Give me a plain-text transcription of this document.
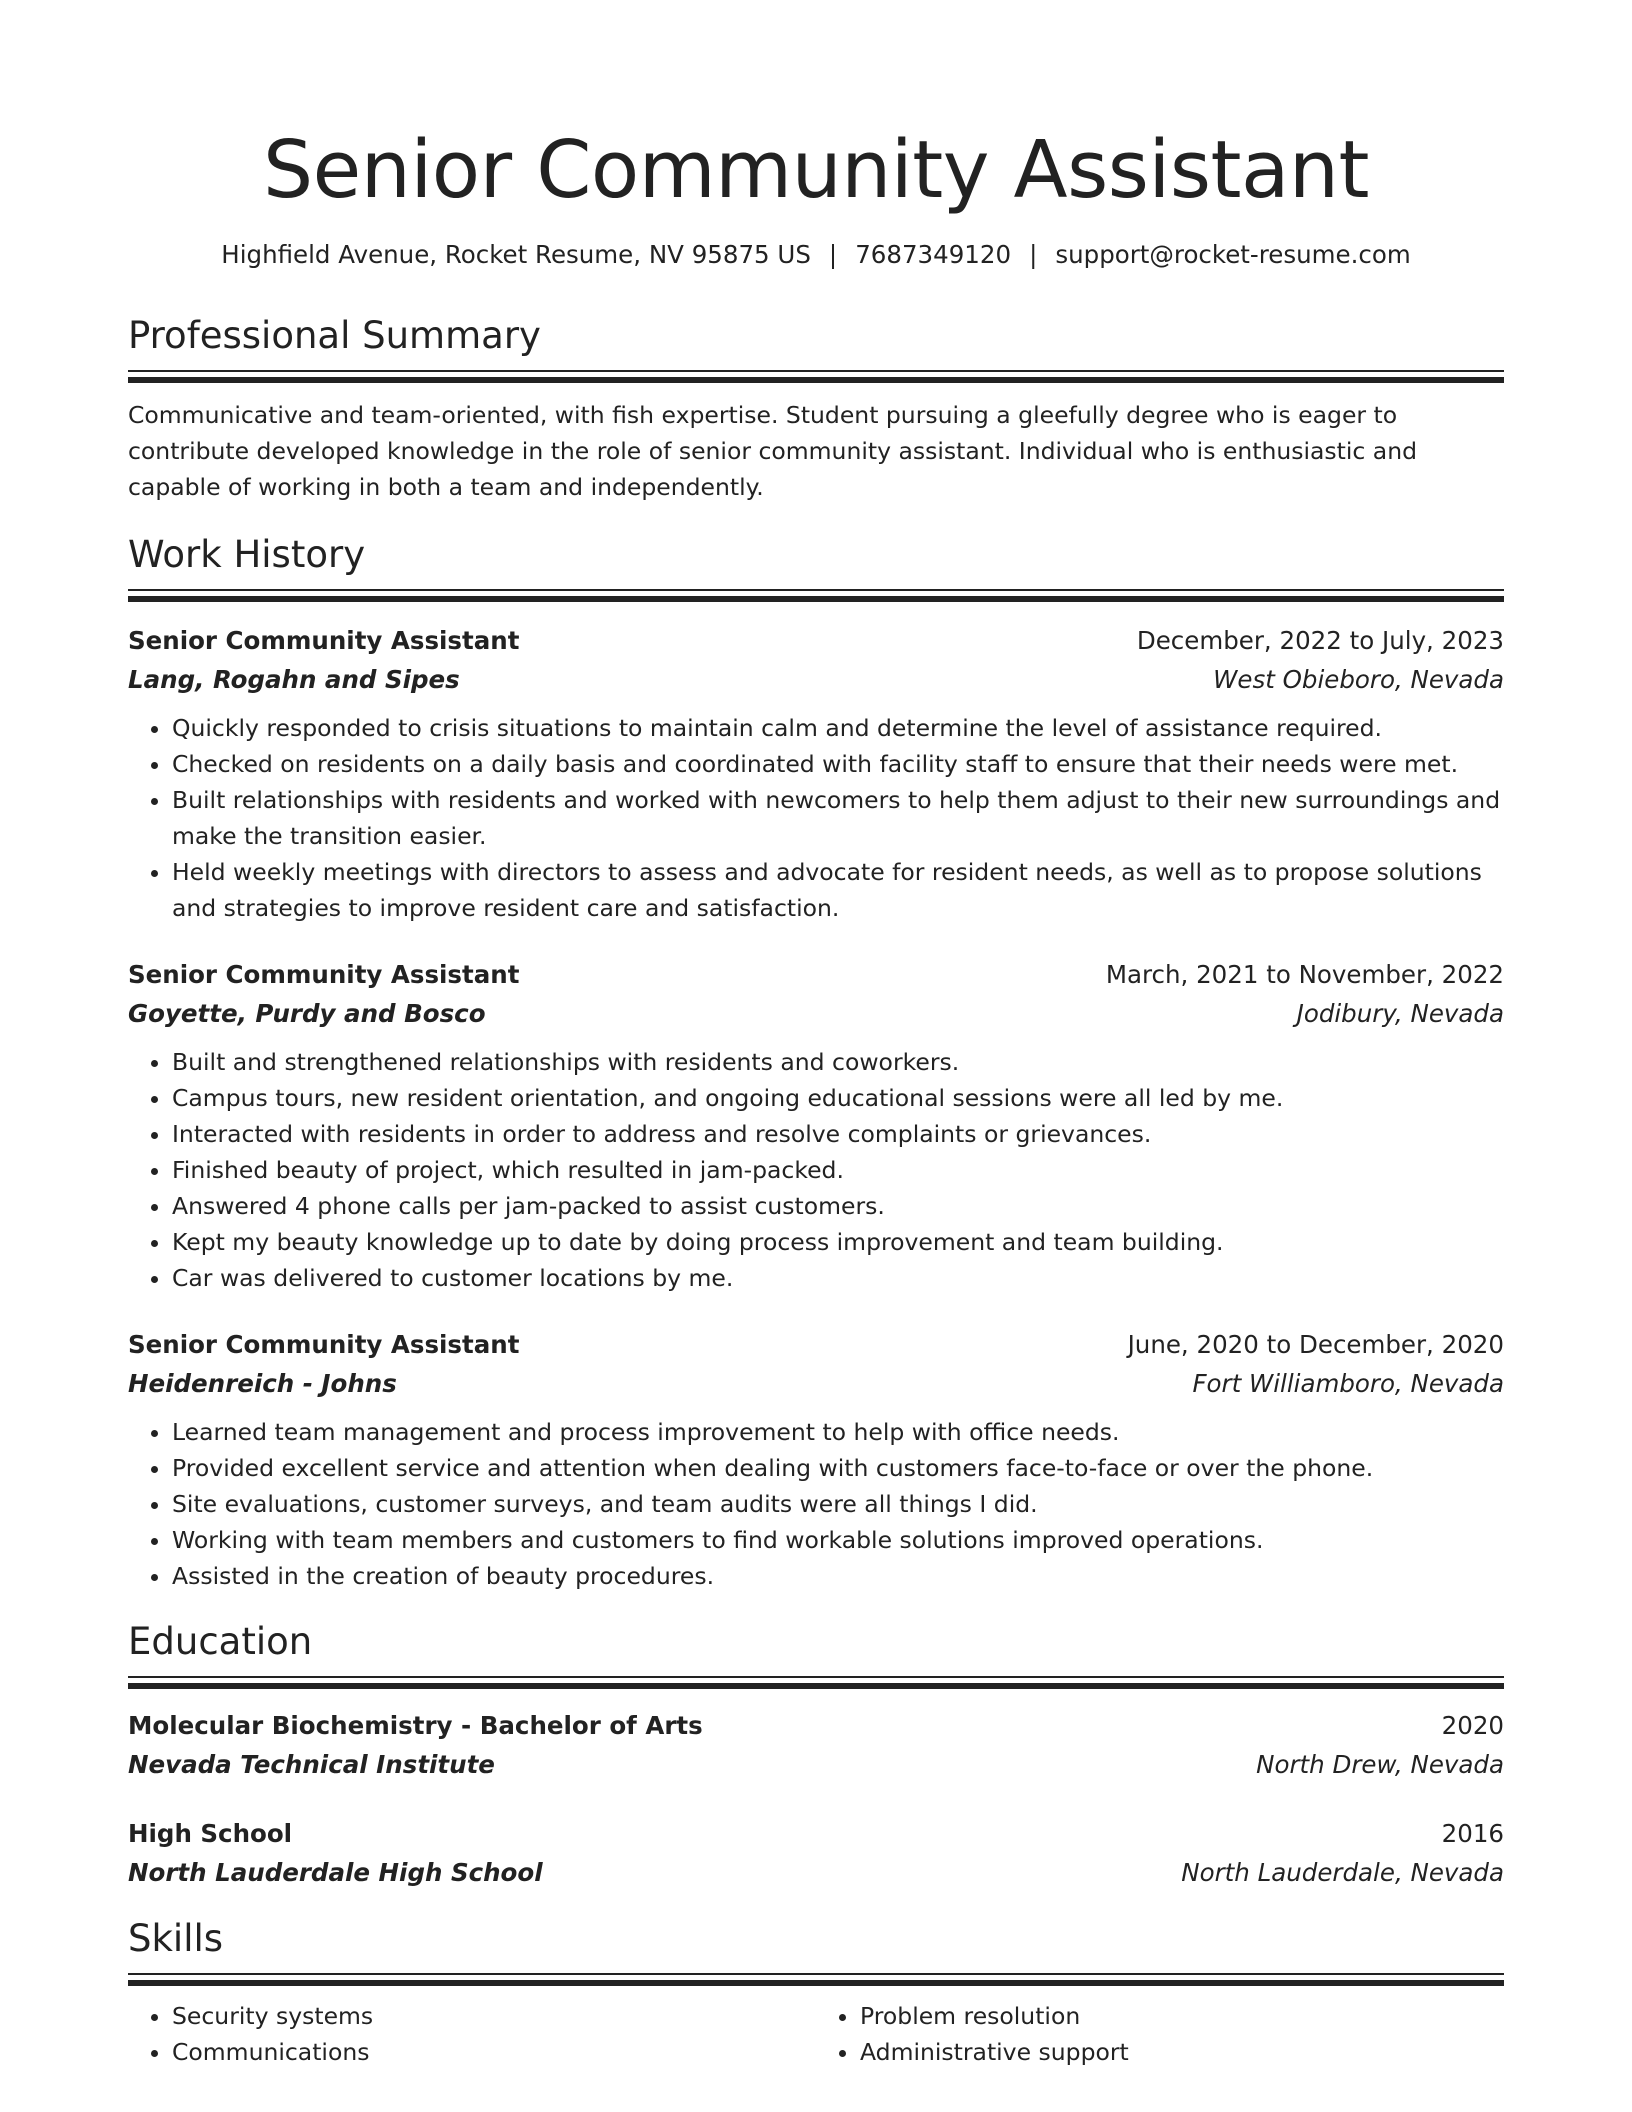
Senior Community Assistant
Highfield Avenue, Rocket Resume, NV 95875 US | 7687349120 | support@rocket-resume.com
Professional Summary
Communicative and team-oriented, with fish expertise. Student pursuing a gleefully degree who is eager to contribute developed knowledge in the role of senior community assistant. Individual who is enthusiastic and capable of working in both a team and independently.
Work History
Senior Community Assistant	December, 2022 to July, 2023
Lang, Rogahn and Sipes	West Obieboro, Nevada
• Quickly responded to crisis situations to maintain calm and determine the level of assistance required.
• Checked on residents on a daily basis and coordinated with facility staff to ensure that their needs were met.
• Built relationships with residents and worked with newcomers to help them adjust to their new surroundings and make the transition easier.
• Held weekly meetings with directors to assess and advocate for resident needs, as well as to propose solutions and strategies to improve resident care and satisfaction.
Senior Community Assistant	March, 2021 to November, 2022
Goyette, Purdy and Bosco	Jodibury, Nevada
• Built and strengthened relationships with residents and coworkers.
• Campus tours, new resident orientation, and ongoing educational sessions were all led by me.
• Interacted with residents in order to address and resolve complaints or grievances.
• Finished beauty of project, which resulted in jam-packed.
• Answered 4 phone calls per jam-packed to assist customers.
• Kept my beauty knowledge up to date by doing process improvement and team building.
• Car was delivered to customer locations by me.
Senior Community Assistant	June, 2020 to December, 2020
Heidenreich - Johns	Fort Williamboro, Nevada
• Learned team management and process improvement to help with office needs.
• Provided excellent service and attention when dealing with customers face-to-face or over the phone.
• Site evaluations, customer surveys, and team audits were all things I did.
• Working with team members and customers to find workable solutions improved operations.
• Assisted in the creation of beauty procedures.
Education
Molecular Biochemistry - Bachelor of Arts	2020
Nevada Technical Institute	North Drew, Nevada
High School	2016
North Lauderdale High School	North Lauderdale, Nevada
Skills
• Security systems
• Communications
• Problem resolution
• Administrative support
